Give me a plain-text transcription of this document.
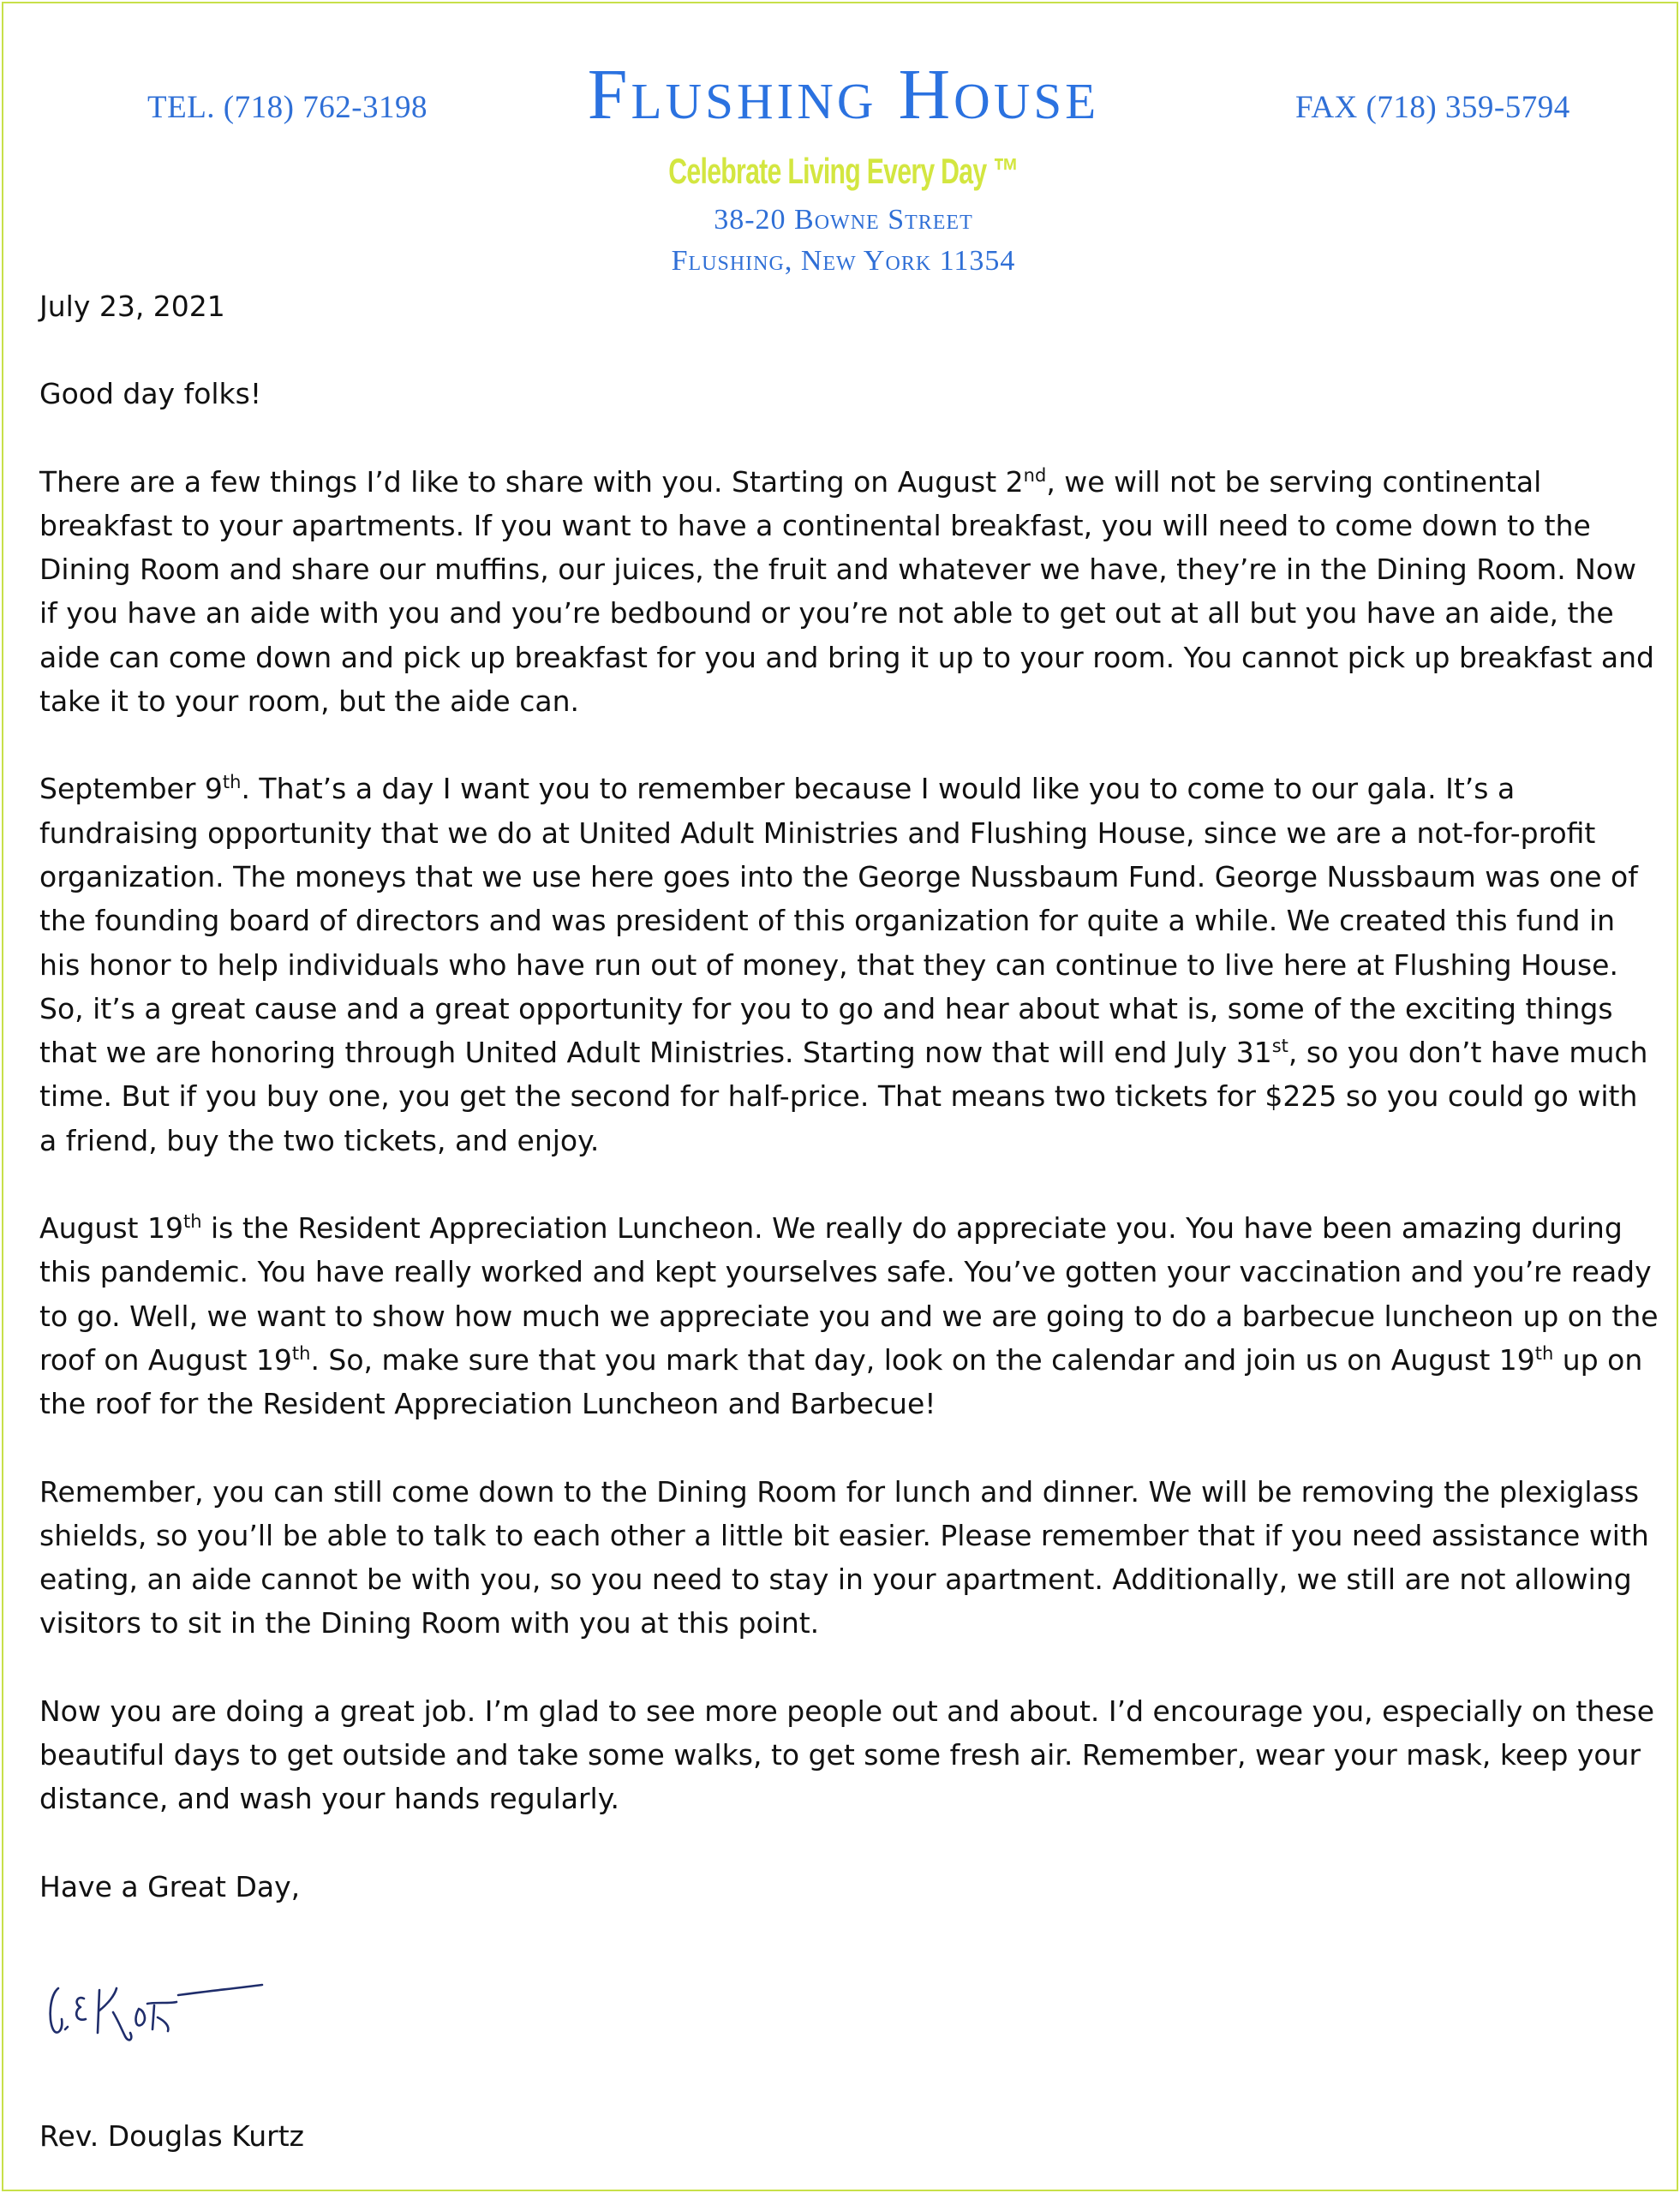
TEL. (718) 762-3198	Flushing House	FAX (718) 359-5794
Celebrate Living Every Day ™
38-20 Bowne Street
Flushing, New York 11354

July 23, 2021

Good day folks!

There are a few things I’d like to share with you. Starting on August 2nd, we will not be serving continental breakfast to your apartments. If you want to have a continental breakfast, you will need to come down to the Dining Room and share our muffins, our juices, the fruit and whatever we have, they’re in the Dining Room. Now if you have an aide with you and you’re bedbound or you’re not able to get out at all but you have an aide, the aide can come down and pick up breakfast for you and bring it up to your room. You cannot pick up breakfast and take it to your room, but the aide can.

September 9th. That’s a day I want you to remember because I would like you to come to our gala. It’s a fundraising opportunity that we do at United Adult Ministries and Flushing House, since we are a not-for-profit organization. The moneys that we use here goes into the George Nussbaum Fund. George Nussbaum was one of the founding board of directors and was president of this organization for quite a while. We created this fund in his honor to help individuals who have run out of money, that they can continue to live here at Flushing House. So, it’s a great cause and a great opportunity for you to go and hear about what is, some of the exciting things that we are honoring through United Adult Ministries. Starting now that will end July 31st, so you don’t have much time. But if you buy one, you get the second for half-price. That means two tickets for $225 so you could go with a friend, buy the two tickets, and enjoy.

August 19th is the Resident Appreciation Luncheon. We really do appreciate you. You have been amazing during this pandemic. You have really worked and kept yourselves safe. You’ve gotten your vaccination and you’re ready to go. Well, we want to show how much we appreciate you and we are going to do a barbecue luncheon up on the roof on August 19th. So, make sure that you mark that day, look on the calendar and join us on August 19th up on the roof for the Resident Appreciation Luncheon and Barbecue!

Remember, you can still come down to the Dining Room for lunch and dinner. We will be removing the plexiglass shields, so you’ll be able to talk to each other a little bit easier. Please remember that if you need assistance with eating, an aide cannot be with you, so you need to stay in your apartment. Additionally, we still are not allowing visitors to sit in the Dining Room with you at this point.

Now you are doing a great job. I’m glad to see more people out and about. I’d encourage you, especially on these beautiful days to get outside and take some walks, to get some fresh air. Remember, wear your mask, keep your distance, and wash your hands regularly.

Have a Great Day,

Rev. Douglas Kurtz
